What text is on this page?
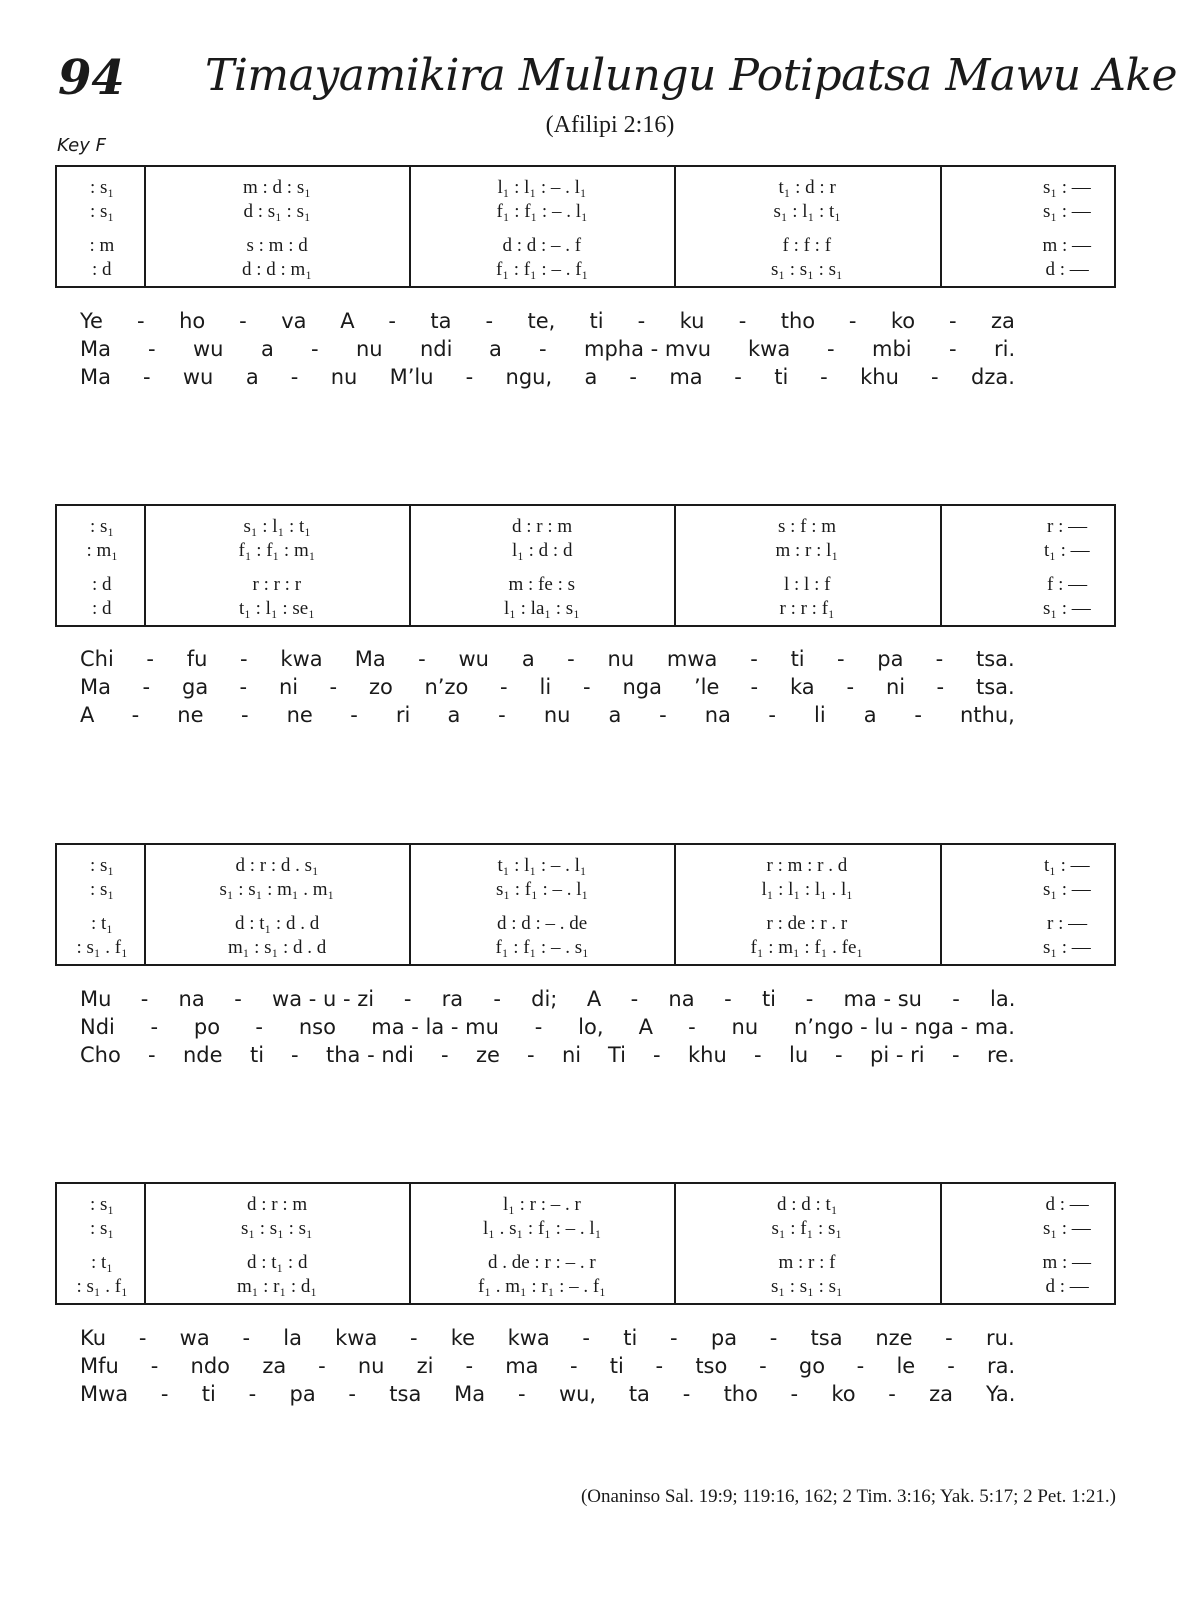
94 Timayamikira Mulungu Potipatsa Mawu Ake
(Afilipi 2:16)
Key F
: s₁	m : d : s₁	l₁ : l₁ : – . l₁	t₁ : d : r	s₁ : —
: s₁	d : s₁ : s₁	f₁ : f₁ : – . l₁	s₁ : l₁ : t₁	s₁ : —
: m	s : m : d	d : d : – . f	f : f : f	m : —
: d	d : d : m₁	f₁ : f₁ : – . f₁	s₁ : s₁ : s₁	d : —
Ye - ho - va A - ta - te, ti - ku - tho - ko - za
Ma - wu a - nu ndi a - mpha - mvu kwa - mbi - ri.
Ma - wu a - nu M’lu - ngu, a - ma - ti - khu - dza.
: s₁	s₁ : l₁ : t₁	d : r : m	s : f : m	r : —
: m₁	f₁ : f₁ : m₁	l₁ : d : d	m : r : l₁	t₁ : —
: d	r : r : r	m : fe : s	l : l : f	f : —
: d	t₁ : l₁ : se₁	l₁ : la₁ : s₁	r : r : f₁	s₁ : —
Chi - fu - kwa Ma - wu a - nu mwa - ti - pa - tsa.
Ma - ga - ni - zo n’zo - li - nga ’le - ka - ni - tsa.
A - ne - ne - ri a - nu a - na - li a - nthu,
: s₁	d : r : d . s₁	t₁ : l₁ : – . l₁	r : m : r . d	t₁ : —
: s₁	s₁ : s₁ : m₁ . m₁	s₁ : f₁ : – . l₁	l₁ : l₁ : l₁ . l₁	s₁ : —
: t₁	d : t₁ : d . d	d : d : – . de	r : de : r . r	r : —
: s₁ . f₁	m₁ : s₁ : d . d	f₁ : f₁ : – . s₁	f₁ : m₁ : f₁ . fe₁	s₁ : —
Mu - na - wa - u - zi - ra - di; A - na - ti - ma - su - la.
Ndi - po - nso ma - la - mu - lo, A - nu n’ngo - lu - nga - ma.
Cho - nde ti - tha - ndi - ze - ni Ti - khu - lu - pi - ri - re.
: s₁	d : r : m	l₁ : r : – . r	d : d : t₁	d : —
: s₁	s₁ : s₁ : s₁	l₁ . s₁ : f₁ : – . l₁	s₁ : f₁ : s₁	s₁ : —
: t₁	d : t₁ : d	d . de : r : – . r	m : r : f	m : —
: s₁ . f₁	m₁ : r₁ : d₁	f₁ . m₁ : r₁ : – . f₁	s₁ : s₁ : s₁	d : —
Ku - wa - la kwa - ke kwa - ti - pa - tsa nze - ru.
Mfu - ndo za - nu zi - ma - ti - tso - go - le - ra.
Mwa - ti - pa - tsa Ma - wu, ta - tho - ko - za Ya.
(Onaninso Sal. 19:9; 119:16, 162; 2 Tim. 3:16; Yak. 5:17; 2 Pet. 1:21.)
